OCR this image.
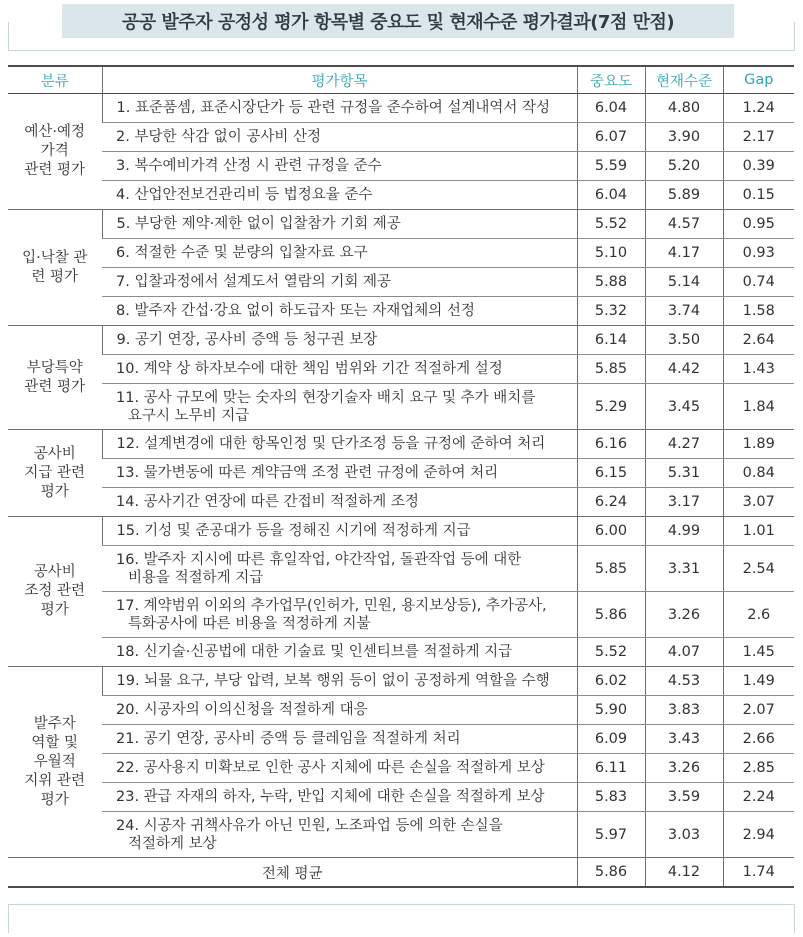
공공 발주자 공정성 평가 항목별 중요도 및 현재수준 평가결과(7점 만점)
분류	평가항목	중요도	현재수준	Gap

예산·예정
가격
관련 평가	1. 표준품셈, 표준시장단가 등 관련 규정을 준수하여 설계내역서 작성	6.04	4.80	1.24

	2. 부당한 삭감 없이 공사비 산정	6.07	3.90	2.17

	3. 복수예비가격 산정 시 관련 규정을 준수	5.59	5.20	0.39

	4. 산업안전보건관리비 등 법정요율 준수	6.04	5.89	0.15

입·낙찰 관
련 평가	5. 부당한 제약·제한 없이 입찰참가 기회 제공	5.52	4.57	0.95

	6. 적절한 수준 및 분량의 입찰자료 요구	5.10	4.17	0.93

	7. 입찰과정에서 설계도서 열람의 기회 제공	5.88	5.14	0.74

	8. 발주자 간섭·강요 없이 하도급자 또는 자재업체의 선정	5.32	3.74	1.58

부당특약
관련 평가	9. 공기 연장, 공사비 증액 등 청구권 보장	6.14	3.50	2.64

	10. 계약 상 하자보수에 대한 책임 범위와 기간 적절하게 설정	5.85	4.42	1.43

	11. 공사 규모에 맞는 숫자의 현장기술자 배치 요구 및 추가 배치를
요구시 노무비 지급	5.29	3.45	1.84

공사비
지급 관련
평가	12. 설계변경에 대한 항목인정 및 단가조정 등을 규정에 준하여 처리	6.16	4.27	1.89

	13. 물가변동에 따른 계약금액 조정 관련 규정에 준하여 처리	6.15	5.31	0.84

	14. 공사기간 연장에 따른 간접비 적절하게 조정	6.24	3.17	3.07

공사비
조정 관련
평가	15. 기성 및 준공대가 등을 정해진 시기에 적정하게 지급	6.00	4.99	1.01

	16. 발주자 지시에 따른 휴일작업, 야간작업, 돌관작업 등에 대한
비용을 적절하게 지급	5.85	3.31	2.54

	17. 계약범위 이외의 추가업무(인허가, 민원, 용지보상등), 추가공사,
특화공사에 따른 비용을 적정하게 지불	5.86	3.26	2.6

	18. 신기술·신공법에 대한 기술료 및 인센티브를 적절하게 지급	5.52	4.07	1.45

발주자
역할 및
우월적
지위 관련
평가	19. 뇌물 요구, 부당 압력, 보복 행위 등이 없이 공정하게 역할을 수행	6.02	4.53	1.49

	20. 시공자의 이의신청을 적절하게 대응	5.90	3.83	2.07

	21. 공기 연장, 공사비 증액 등 클레임을 적절하게 처리	6.09	3.43	2.66

	22. 공사용지 미확보로 인한 공사 지체에 따른 손실을 적절하게 보상	6.11	3.26	2.85

	23. 관급 자재의 하자, 누락, 반입 지체에 대한 손실을 적절하게 보상	5.83	3.59	2.24

	24. 시공자 귀책사유가 아닌 민원, 노조파업 등에 의한 손실을
적절하게 보상	5.97	3.03	2.94
전체 평균		5.86	4.12	1.74
